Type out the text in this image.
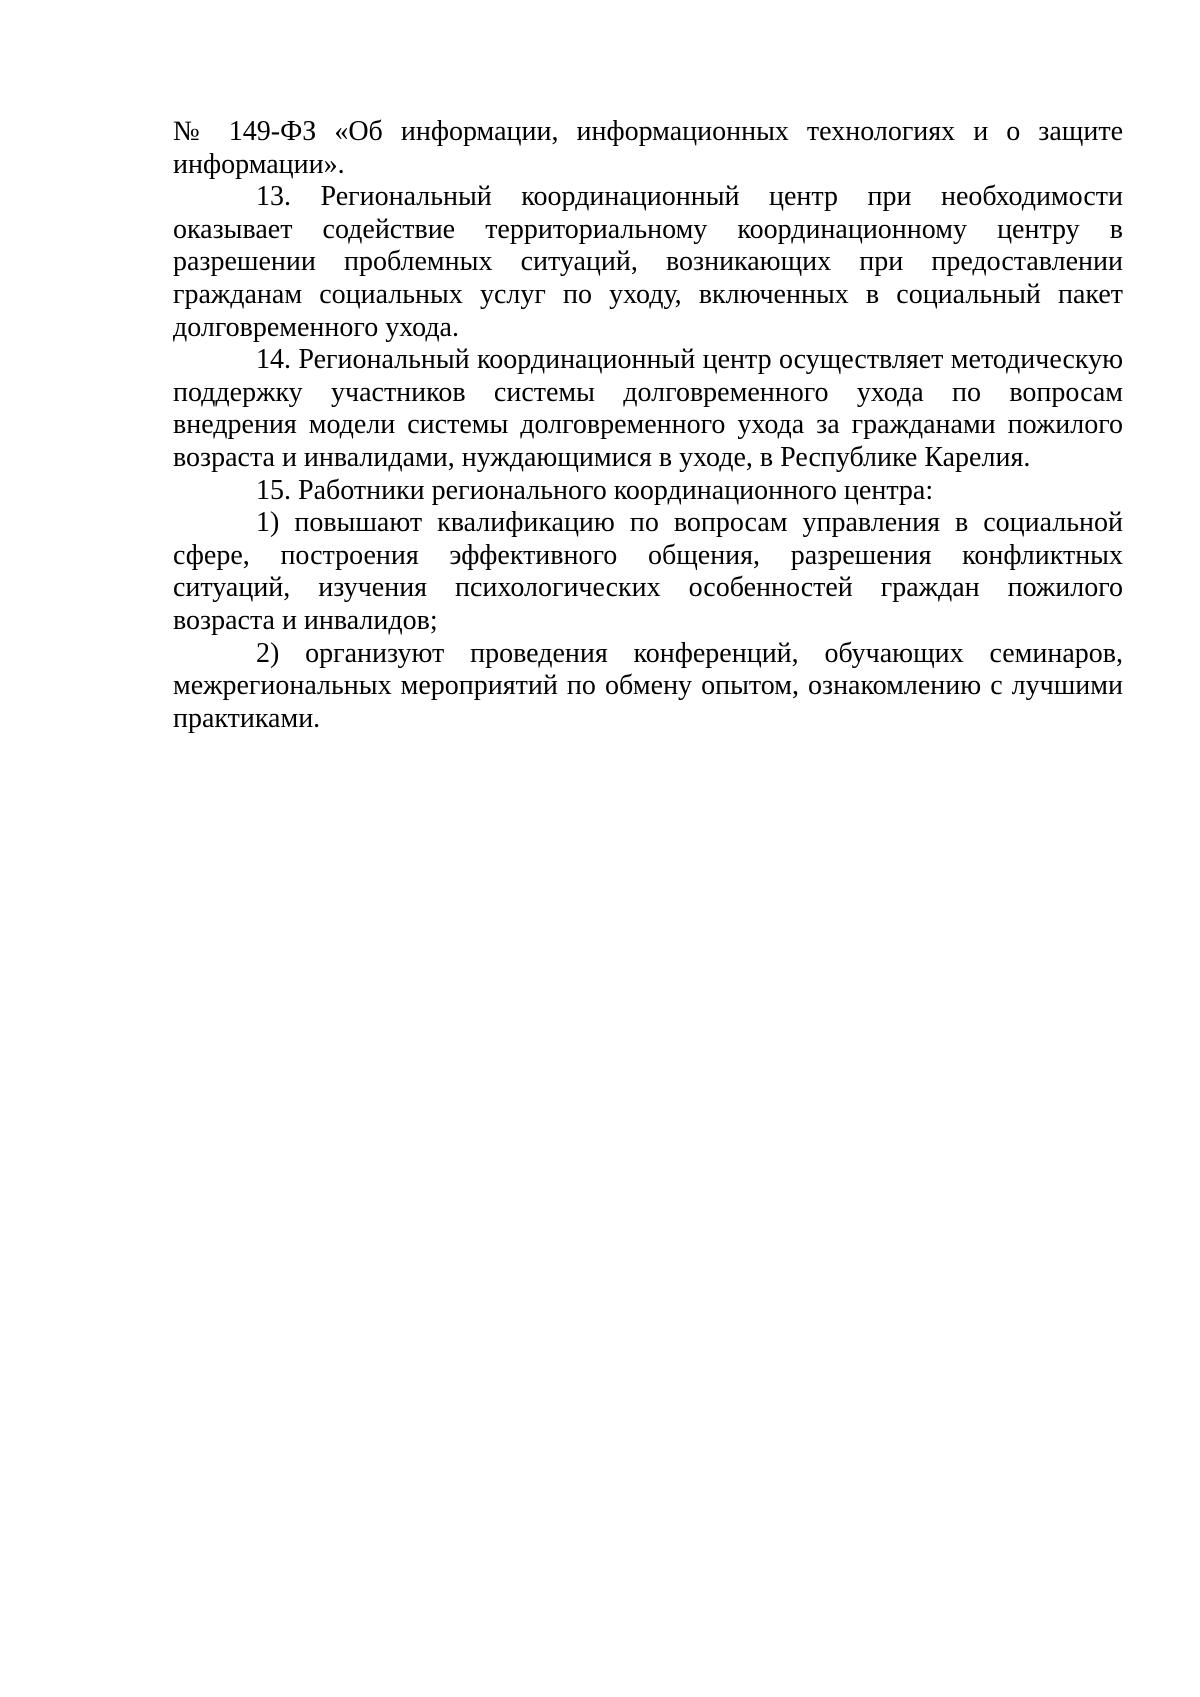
№ 149-ФЗ «Об информации, информационных технологиях и о защите информации».

13. Региональный координационный центр при необходимости оказывает содействие территориальному координационному центру в разрешении проблемных ситуаций, возникающих при предоставлении гражданам социальных услуг по уходу, включенных в социальный пакет долговременного ухода.

14. Региональный координационный центр осуществляет методическую поддержку участников системы долговременного ухода по вопросам внедрения модели системы долговременного ухода за гражданами пожилого возраста и инвалидами, нуждающимися в уходе, в Республике Карелия.

15. Работники регионального координационного центра:

1) повышают квалификацию по вопросам управления в социальной сфере, построения эффективного общения, разрешения конфликтных ситуаций, изучения психологических особенностей граждан пожилого возраста и инвалидов;

2) организуют проведения конференций, обучающих семинаров, межрегиональных мероприятий по обмену опытом, ознакомлению с лучшими практиками.
